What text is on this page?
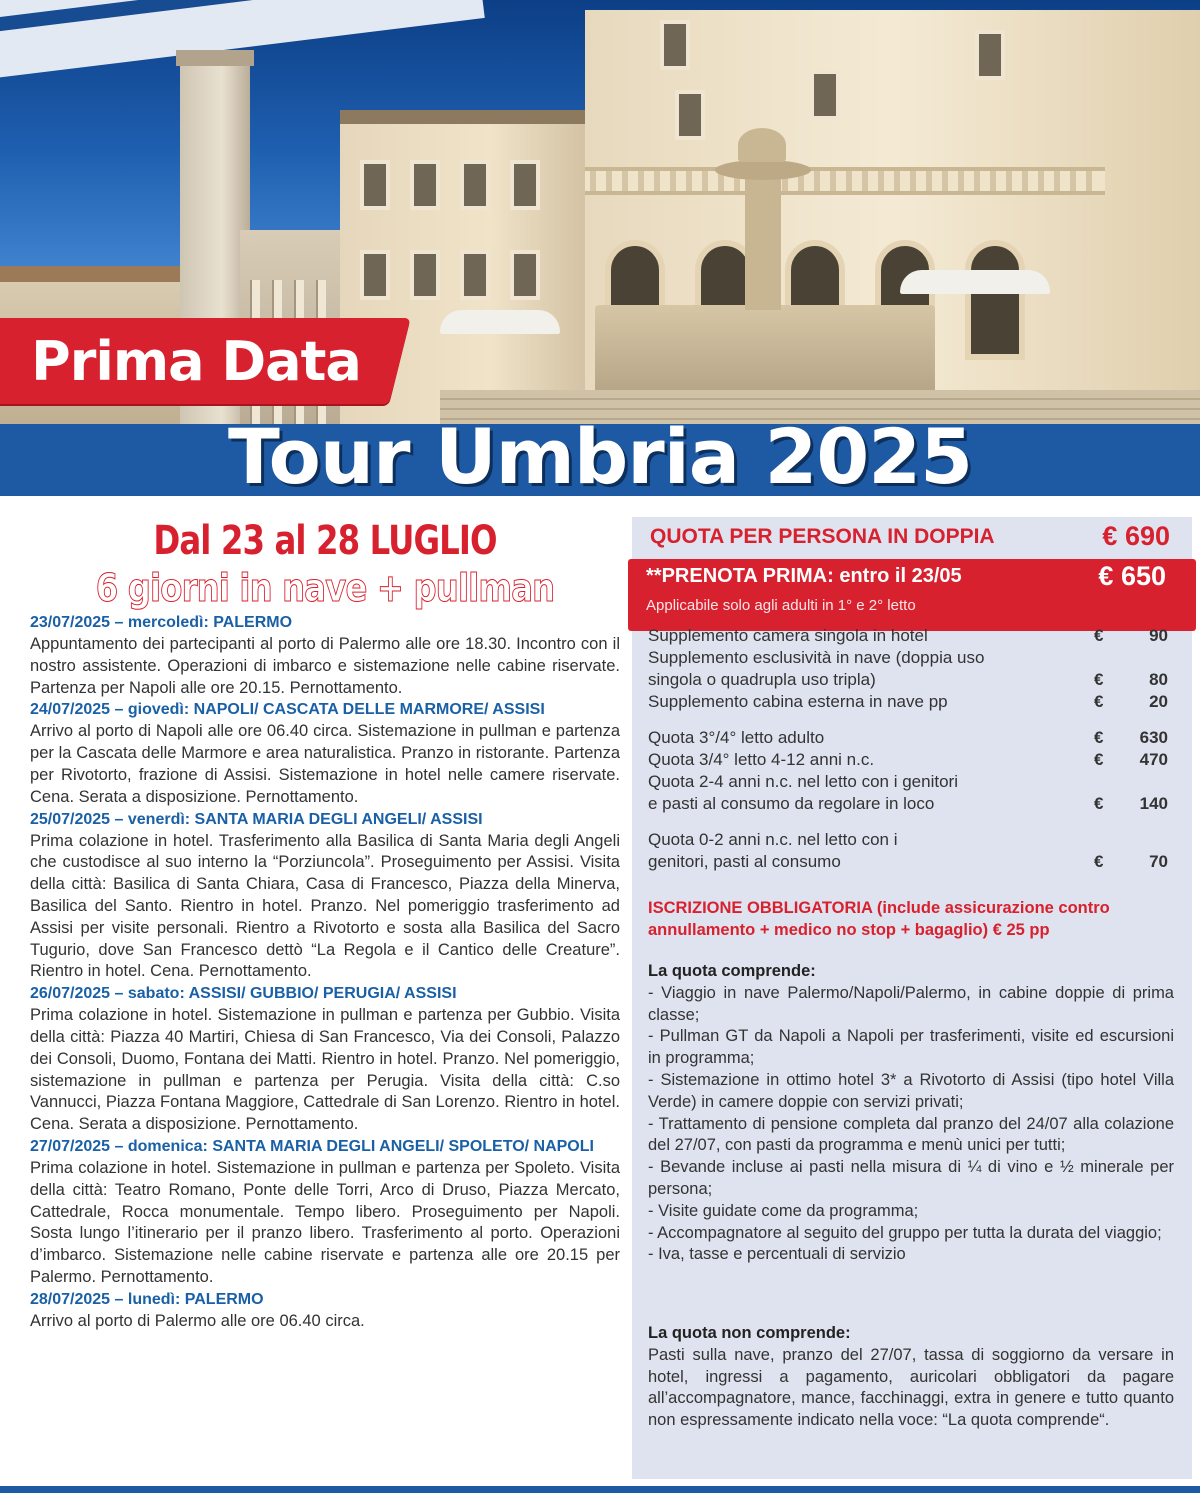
Prima Data
Tour Umbria 2025
Dal 23 al 28 LUGLIO
6 giorni in nave + pullman
23/07/2025 – mercoledì: PALERMO
Appuntamento dei partecipanti al porto di Palermo alle ore 18.30. Incontro con il nostro assistente. Operazioni di imbarco e sistemazione nelle cabine riservate. Partenza per Napoli alle ore 20.15. Pernottamento.
24/07/2025 – giovedì: NAPOLI/ CASCATA DELLE MARMORE/ ASSISI
Arrivo al porto di Napoli alle ore 06.40 circa. Sistemazione in pullman e partenza per la Cascata delle Marmore e area naturalistica. Pranzo in ristorante. Partenza per Rivotorto, frazione di Assisi. Sistemazione in hotel nelle camere riservate. Cena. Serata a disposizione. Pernottamento.
25/07/2025 – venerdì: SANTA MARIA DEGLI ANGELI/ ASSISI
Prima colazione in hotel. Trasferimento alla Basilica di Santa Maria degli Angeli che custodisce al suo interno la “Porziuncola”. Proseguimento per Assisi. Visita della città: Basilica di Santa Chiara, Casa di Francesco, Piazza della Minerva, Basilica del Santo. Rientro in hotel. Pranzo. Nel pomeriggio trasferimento ad Assisi per visite personali. Rientro a Rivotorto e sosta alla Basilica del Sacro Tugurio, dove San Francesco dettò “La Regola e il Cantico delle Creature”. Rientro in hotel. Cena. Pernottamento.
26/07/2025 – sabato: ASSISI/ GUBBIO/ PERUGIA/ ASSISI
Prima colazione in hotel. Sistemazione in pullman e partenza per Gubbio. Visita della città: Piazza 40 Martiri, Chiesa di San Francesco, Via dei Consoli, Palazzo dei Consoli, Duomo, Fontana dei Matti. Rientro in hotel. Pranzo. Nel pomeriggio, sistemazione in pullman e partenza per Perugia. Visita della città: C.so Vannucci, Piazza Fontana Maggiore, Cattedrale di San Lorenzo. Rientro in hotel. Cena. Serata a disposizione. Pernottamento.
27/07/2025 – domenica: SANTA MARIA DEGLI ANGELI/ SPOLETO/ NAPOLI
Prima colazione in hotel. Sistemazione in pullman e partenza per Spoleto. Visita della città: Teatro Romano, Ponte delle Torri, Arco di Druso, Piazza Mercato, Cattedrale, Rocca monumentale. Tempo libero. Proseguimento per Napoli. Sosta lungo l’itinerario per il pranzo libero. Trasferimento al porto. Operazioni d’imbarco. Sistemazione nelle cabine riservate e partenza alle ore 20.15 per Palermo. Pernottamento.
28/07/2025 – lunedì: PALERMO
Arrivo al porto di Palermo alle ore 06.40 circa.
QUOTA PER PERSONA IN DOPPIA	€ 690
**PRENOTA PRIMA: entro il 23/05	€ 650
Applicabile solo agli adulti in 1° e 2° letto
Supplemento camera singola in hotel	€	90
Supplemento esclusività in nave (doppia uso singola o quadrupla uso tripla)	€	80
Supplemento cabina esterna in nave pp	€	20
Quota 3°/4° letto adulto	€	630
Quota 3/4° letto 4-12 anni n.c.	€	470
Quota 2-4 anni n.c. nel letto con i genitori e pasti al consumo da regolare in loco	€	140
Quota 0-2 anni n.c. nel letto con i genitori, pasti al consumo	€	70
ISCRIZIONE OBBLIGATORIA (include assicurazione contro annullamento + medico no stop + bagaglio) € 25 pp
La quota comprende:
- Viaggio in nave Palermo/Napoli/Palermo, in cabine doppie di prima classe;
- Pullman GT da Napoli a Napoli per trasferimenti, visite ed escursioni in programma;
- Sistemazione in ottimo hotel 3* a Rivotorto di Assisi (tipo hotel Villa Verde) in camere doppie con servizi privati;
- Trattamento di pensione completa dal pranzo del 24/07 alla colazione del 27/07, con pasti da programma e menù unici per tutti;
- Bevande incluse ai pasti nella misura di ¼ di vino e ½ minerale per persona;
- Visite guidate come da programma;
- Accompagnatore al seguito del gruppo per tutta la durata del viaggio;
- Iva, tasse e percentuali di servizio
La quota non comprende:
Pasti sulla nave, pranzo del 27/07, tassa di soggiorno da versare in hotel, ingressi a pagamento, auricolari obbligatori da pagare all’accompagnatore, mance, facchinaggi, extra in genere e tutto quanto non espressamente indicato nella voce: “La quota comprende“.
